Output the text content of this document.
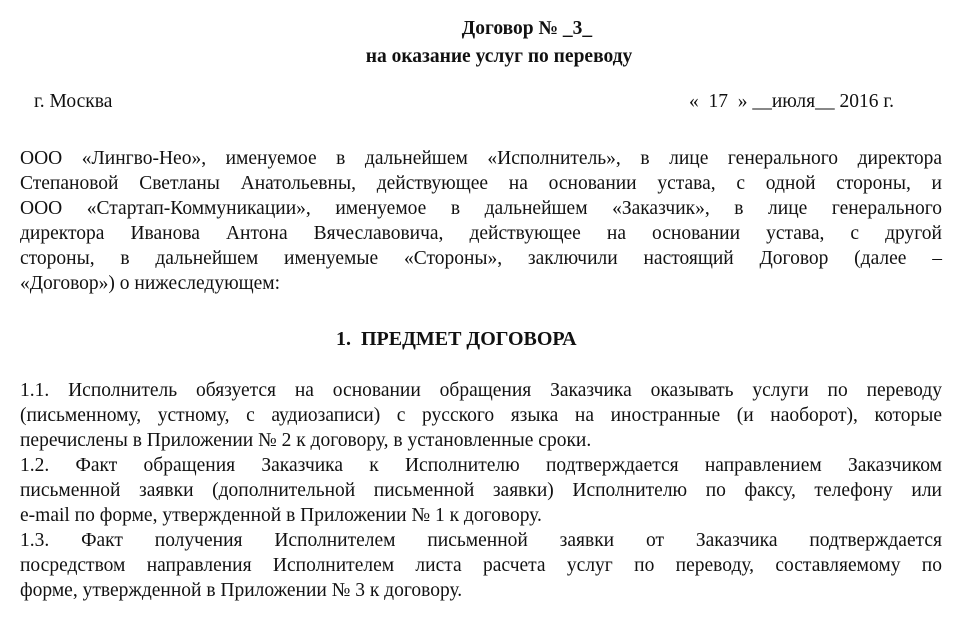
Договор № _3_
на оказание услуг по переводу
г. Москва	«  17  » __июля__ 2016 г.
ООО «Лингво-Нео», именуемое в дальнейшем «Исполнитель», в лице генерального директора
Степановой Светланы Анатольевны, действующее на основании устава, с одной стороны, и
ООО «Стартап-Коммуникации», именуемое в дальнейшем «Заказчик», в лице генерального
директора Иванова Антона Вячеславовича, действующее на основании устава, с другой
стороны, в дальнейшем именуемые «Стороны», заключили настоящий Договор (далее –
«Договор») о нижеследующем:
1.  ПРЕДМЕТ ДОГОВОРА
1.1. Исполнитель обязуется на основании обращения Заказчика оказывать услуги по переводу
(письменному, устному, с аудиозаписи) с русского языка на иностранные (и наоборот), которые
перечислены в Приложении № 2 к договору, в установленные сроки.
1.2. Факт обращения Заказчика к Исполнителю подтверждается направлением Заказчиком
письменной заявки (дополнительной письменной заявки) Исполнителю по факсу, телефону или
e-mail по форме, утвержденной в Приложении № 1 к договору.
1.3. Факт получения Исполнителем письменной заявки от Заказчика подтверждается
посредством направления Исполнителем листа расчета услуг по переводу, составляемому по
форме, утвержденной в Приложении № 3 к договору.
